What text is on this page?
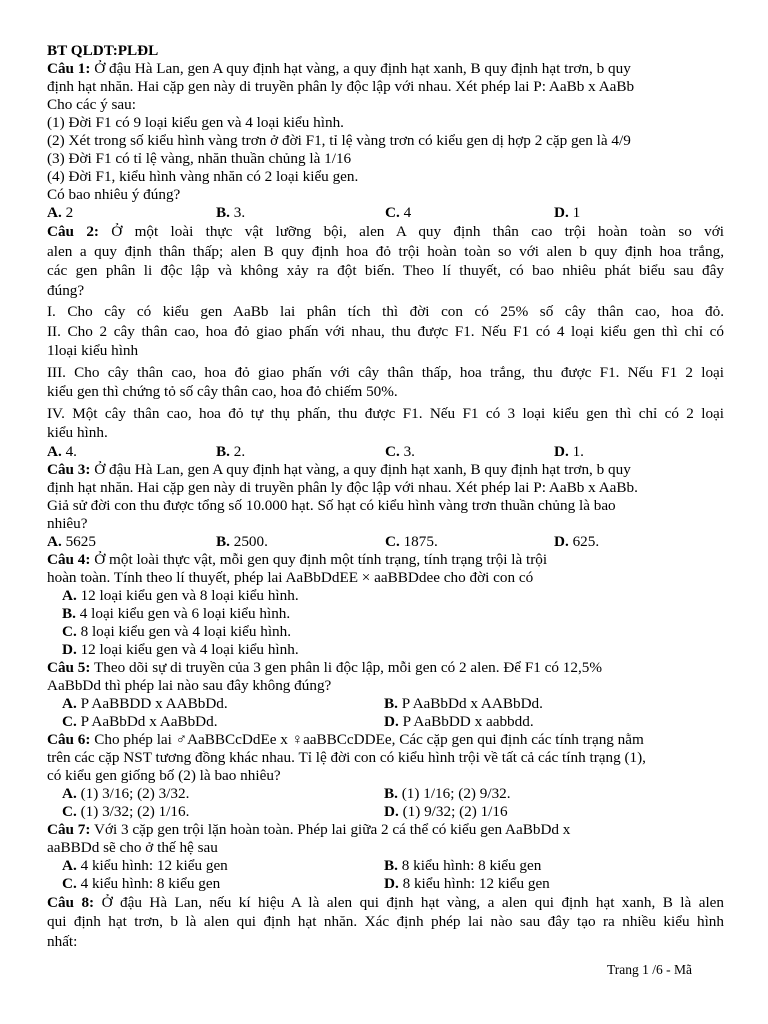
BT QLDT:PLĐL
Câu 1: Ở đậu Hà Lan, gen A quy định hạt vàng, a quy định hạt xanh, B quy định hạt trơn, b quy
định hạt nhăn. Hai cặp gen này di truyền phân ly độc lập với nhau. Xét phép lai P: AaBb x AaBb
Cho các ý sau:
(1) Đời F1 có 9 loại kiểu gen và 4 loại kiểu hình.
(2) Xét trong số kiểu hình vàng trơn ở đời F1, tỉ lệ vàng trơn có kiểu gen dị hợp 2 cặp gen là 4/9
(3) Đời F1 có tỉ lệ vàng, nhăn thuần chủng là 1/16
(4) Đời F1, kiểu hình vàng nhăn có 2 loại kiểu gen.
Có bao nhiêu ý đúng?
A. 2	B. 3.	C. 4	D. 1
Câu 2: Ở một loài thực vật lưỡng bội, alen A quy định thân cao trội hoàn toàn so với
alen a quy định thân thấp; alen B quy định hoa đỏ trội hoàn toàn so với alen b quy định hoa trắng,
các gen phân li độc lập và không xảy ra đột biến. Theo lí thuyết, có bao nhiêu phát biểu sau đây
đúng?
I. Cho cây có kiểu gen AaBb lai phân tích thì đời con có 25% số cây thân cao, hoa đỏ.
II. Cho 2 cây thân cao, hoa đỏ giao phấn với nhau, thu được F1. Nếu F1 có 4 loại kiểu gen thì chỉ có
1loại kiểu hình
III. Cho cây thân cao, hoa đỏ giao phấn với cây thân thấp, hoa trắng, thu được F1. Nếu F1 2 loại
kiểu gen thì chứng tỏ số cây thân cao, hoa đỏ chiếm 50%.
IV. Một cây thân cao, hoa đỏ tự thụ phấn, thu được F1. Nếu F1 có 3 loại kiểu gen thì chỉ có 2 loại
kiểu hình.
A. 4.	B. 2.	C. 3.	D. 1.
Câu 3: Ở đậu Hà Lan, gen A quy định hạt vàng, a quy định hạt xanh, B quy định hạt trơn, b quy
định hạt nhăn. Hai cặp gen này di truyền phân ly độc lập với nhau. Xét phép lai P: AaBb x AaBb.
Giả sử đời con thu được tổng số 10.000 hạt. Số hạt có kiểu hình vàng trơn thuần chủng là bao
nhiêu?
A. 5625	B. 2500.	C. 1875.	D. 625.
Câu 4: Ở một loài thực vật, mỗi gen quy định một tính trạng, tính trạng trội là trội
hoàn toàn. Tính theo lí thuyết, phép lai AaBbDdEE × aaBBDdee cho đời con có
A. 12 loại kiểu gen và 8 loại kiểu hình.
B. 4 loại kiểu gen và 6 loại kiểu hình.
C. 8 loại kiểu gen và 4 loại kiểu hình.
D. 12 loại kiểu gen và 4 loại kiểu hình.
Câu 5: Theo dõi sự di truyền của 3 gen phân li độc lập, mỗi gen có 2 alen. Để F1 có 12,5%
AaBbDd thì phép lai nào sau đây không đúng?
A. P AaBBDD x AABbDd.	B. P AaBbDd x AABbDd.
C. P AaBbDd x AaBbDd.	D. P AaBbDD x aabbdd.
Câu 6: Cho phép lai ♂AaBBCcDdEe x ♀aaBBCcDDEe, Các cặp gen qui định các tính trạng nằm
trên các cặp NST tương đồng khác nhau. Tỉ lệ đời con có kiểu hình trội về tất cả các tính trạng (1),
có kiểu gen giống bố (2) là bao nhiêu?
A. (1) 3/16; (2) 3/32.	B. (1) 1/16; (2) 9/32.
C. (1) 3/32; (2) 1/16.	D. (1) 9/32; (2) 1/16
Câu 7: Với 3 cặp gen trội lặn hoàn toàn. Phép lai giữa 2 cá thể có kiểu gen AaBbDd x
aaBBDd sẽ cho ở thế hệ sau
A. 4 kiểu hình: 12 kiểu gen	B. 8 kiểu hình: 8 kiểu gen
C. 4 kiểu hình: 8 kiểu gen	D. 8 kiểu hình: 12 kiểu gen
Câu 8: Ở đậu Hà Lan, nếu kí hiệu A là alen qui định hạt vàng, a alen qui định hạt xanh, B là alen
qui định hạt trơn, b là alen qui định hạt nhăn. Xác định phép lai nào sau đây tạo ra nhiều kiểu hình
nhất:
Trang 1 /6 - Mã
